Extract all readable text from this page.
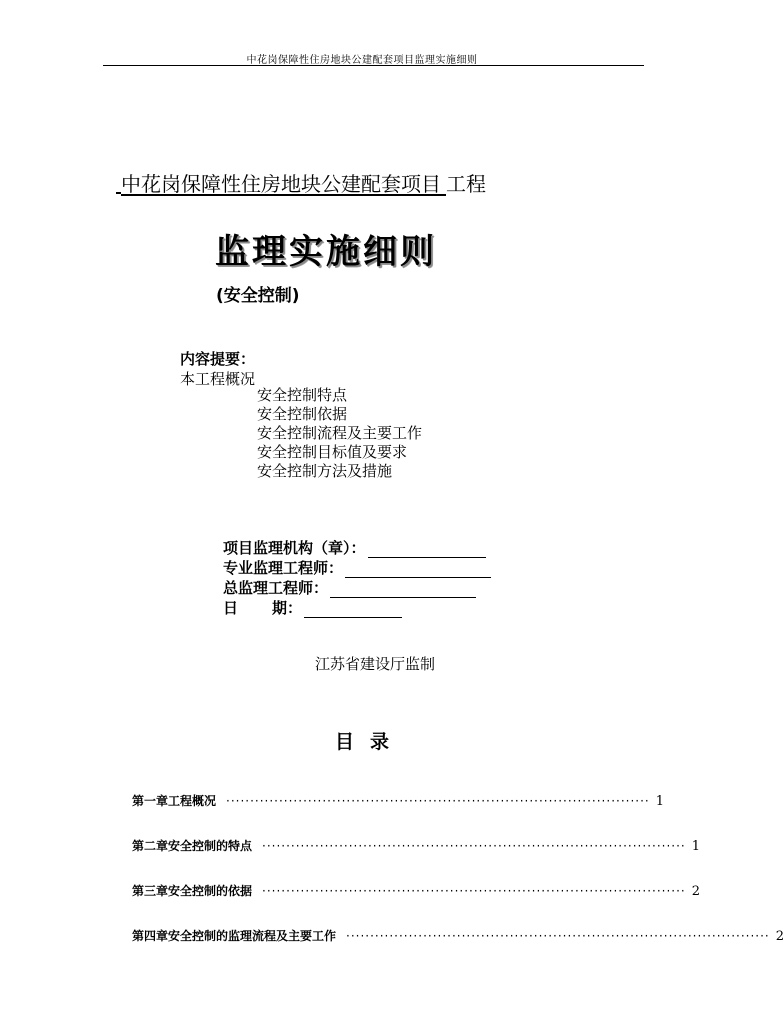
中花岗保障性住房地块公建配套项目监理实施细则
 中花岗保障性住房地块公建配套项目  工程
监理实施细则
(安全控制)
内容提要：
本工程概况
安全控制特点
安全控制依据
安全控制流程及主要工作
安全控制目标值及要求
安全控制方法及措施
项目监理机构（章）：
专业监理工程师：
总监理工程师：
日 期：
江苏省建设厅监制
目录
第一章 工程概况 ························································································ 1
第二章 安全控制的特点 ························································································ 1
第三章 安全控制的依据 ························································································ 2
第四章 安全控制的监理流程及主要工作 ························································································ 2
